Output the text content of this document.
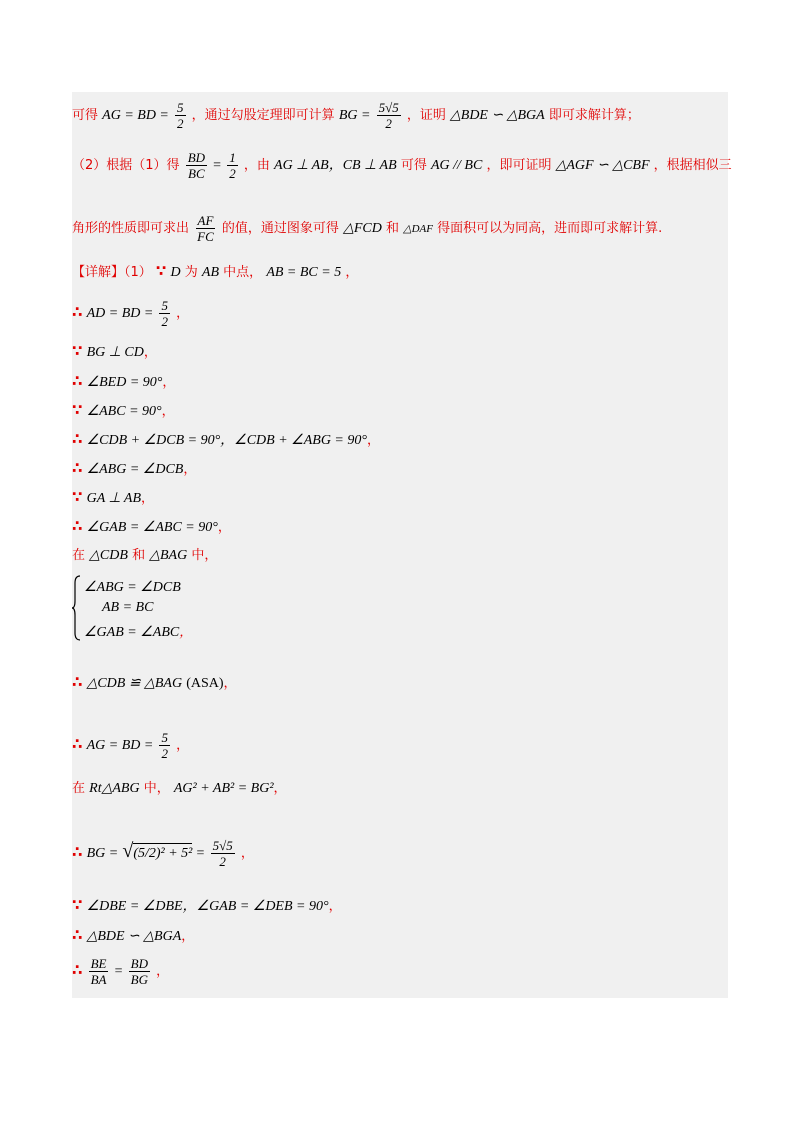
可得 AG = BD = $\frac{5}{2}$ ，通过勾股定理即可计算 BG = $\frac{5√5}{2}$ ，证明 △BDE ∽ △BGA 即可求解计算；
（2）根据（1）得 $\frac{BD}{BC} = \frac{1}{2}$ ，由 AG ⊥ AB，CB ⊥ AB 可得 AG // BC ，即可证明 △AGF ∽ △CBF ，根据相似三
角形的性质即可求出 $\frac{AF}{FC}$ 的值，通过图象可得 △FCD 和 △DAF 得面积可以为同高，进而即可求解计算.
【详解】（1） ∵ D 为 AB 中点， AB = BC = 5 ，
∴ AD = BD = $\frac{5}{2}$ ，
∵ BG ⊥ CD，
∴ ∠BED = 90°，
∵ ∠ABC = 90°，
∴ ∠CDB + ∠DCB = 90°，∠CDB + ∠ABG = 90°，
∴ ∠ABG = ∠DCB，
∵ GA ⊥ AB，
∴ ∠GAB = ∠ABC = 90°，
在 △CDB 和 △BAG 中，
∠ABG = ∠DCB
AB = BC
∠GAB = ∠ABC，
∴ △CDB ≌ △BAG (ASA)，
∴ AG = BD = $\frac{5}{2}$ ，
在 Rt△ABG 中， AG² + AB² = BG²，
∴ BG = $√(5/2)^2 + 5^2 = \frac{5√5}{2}$ ，
∵ ∠DBE = ∠DBE，∠GAB = ∠DEB = 90°，
∴ △BDE ∽ △BGA，
∴ $\frac{BE}{BA} = \frac{BD}{BG}$ ，
